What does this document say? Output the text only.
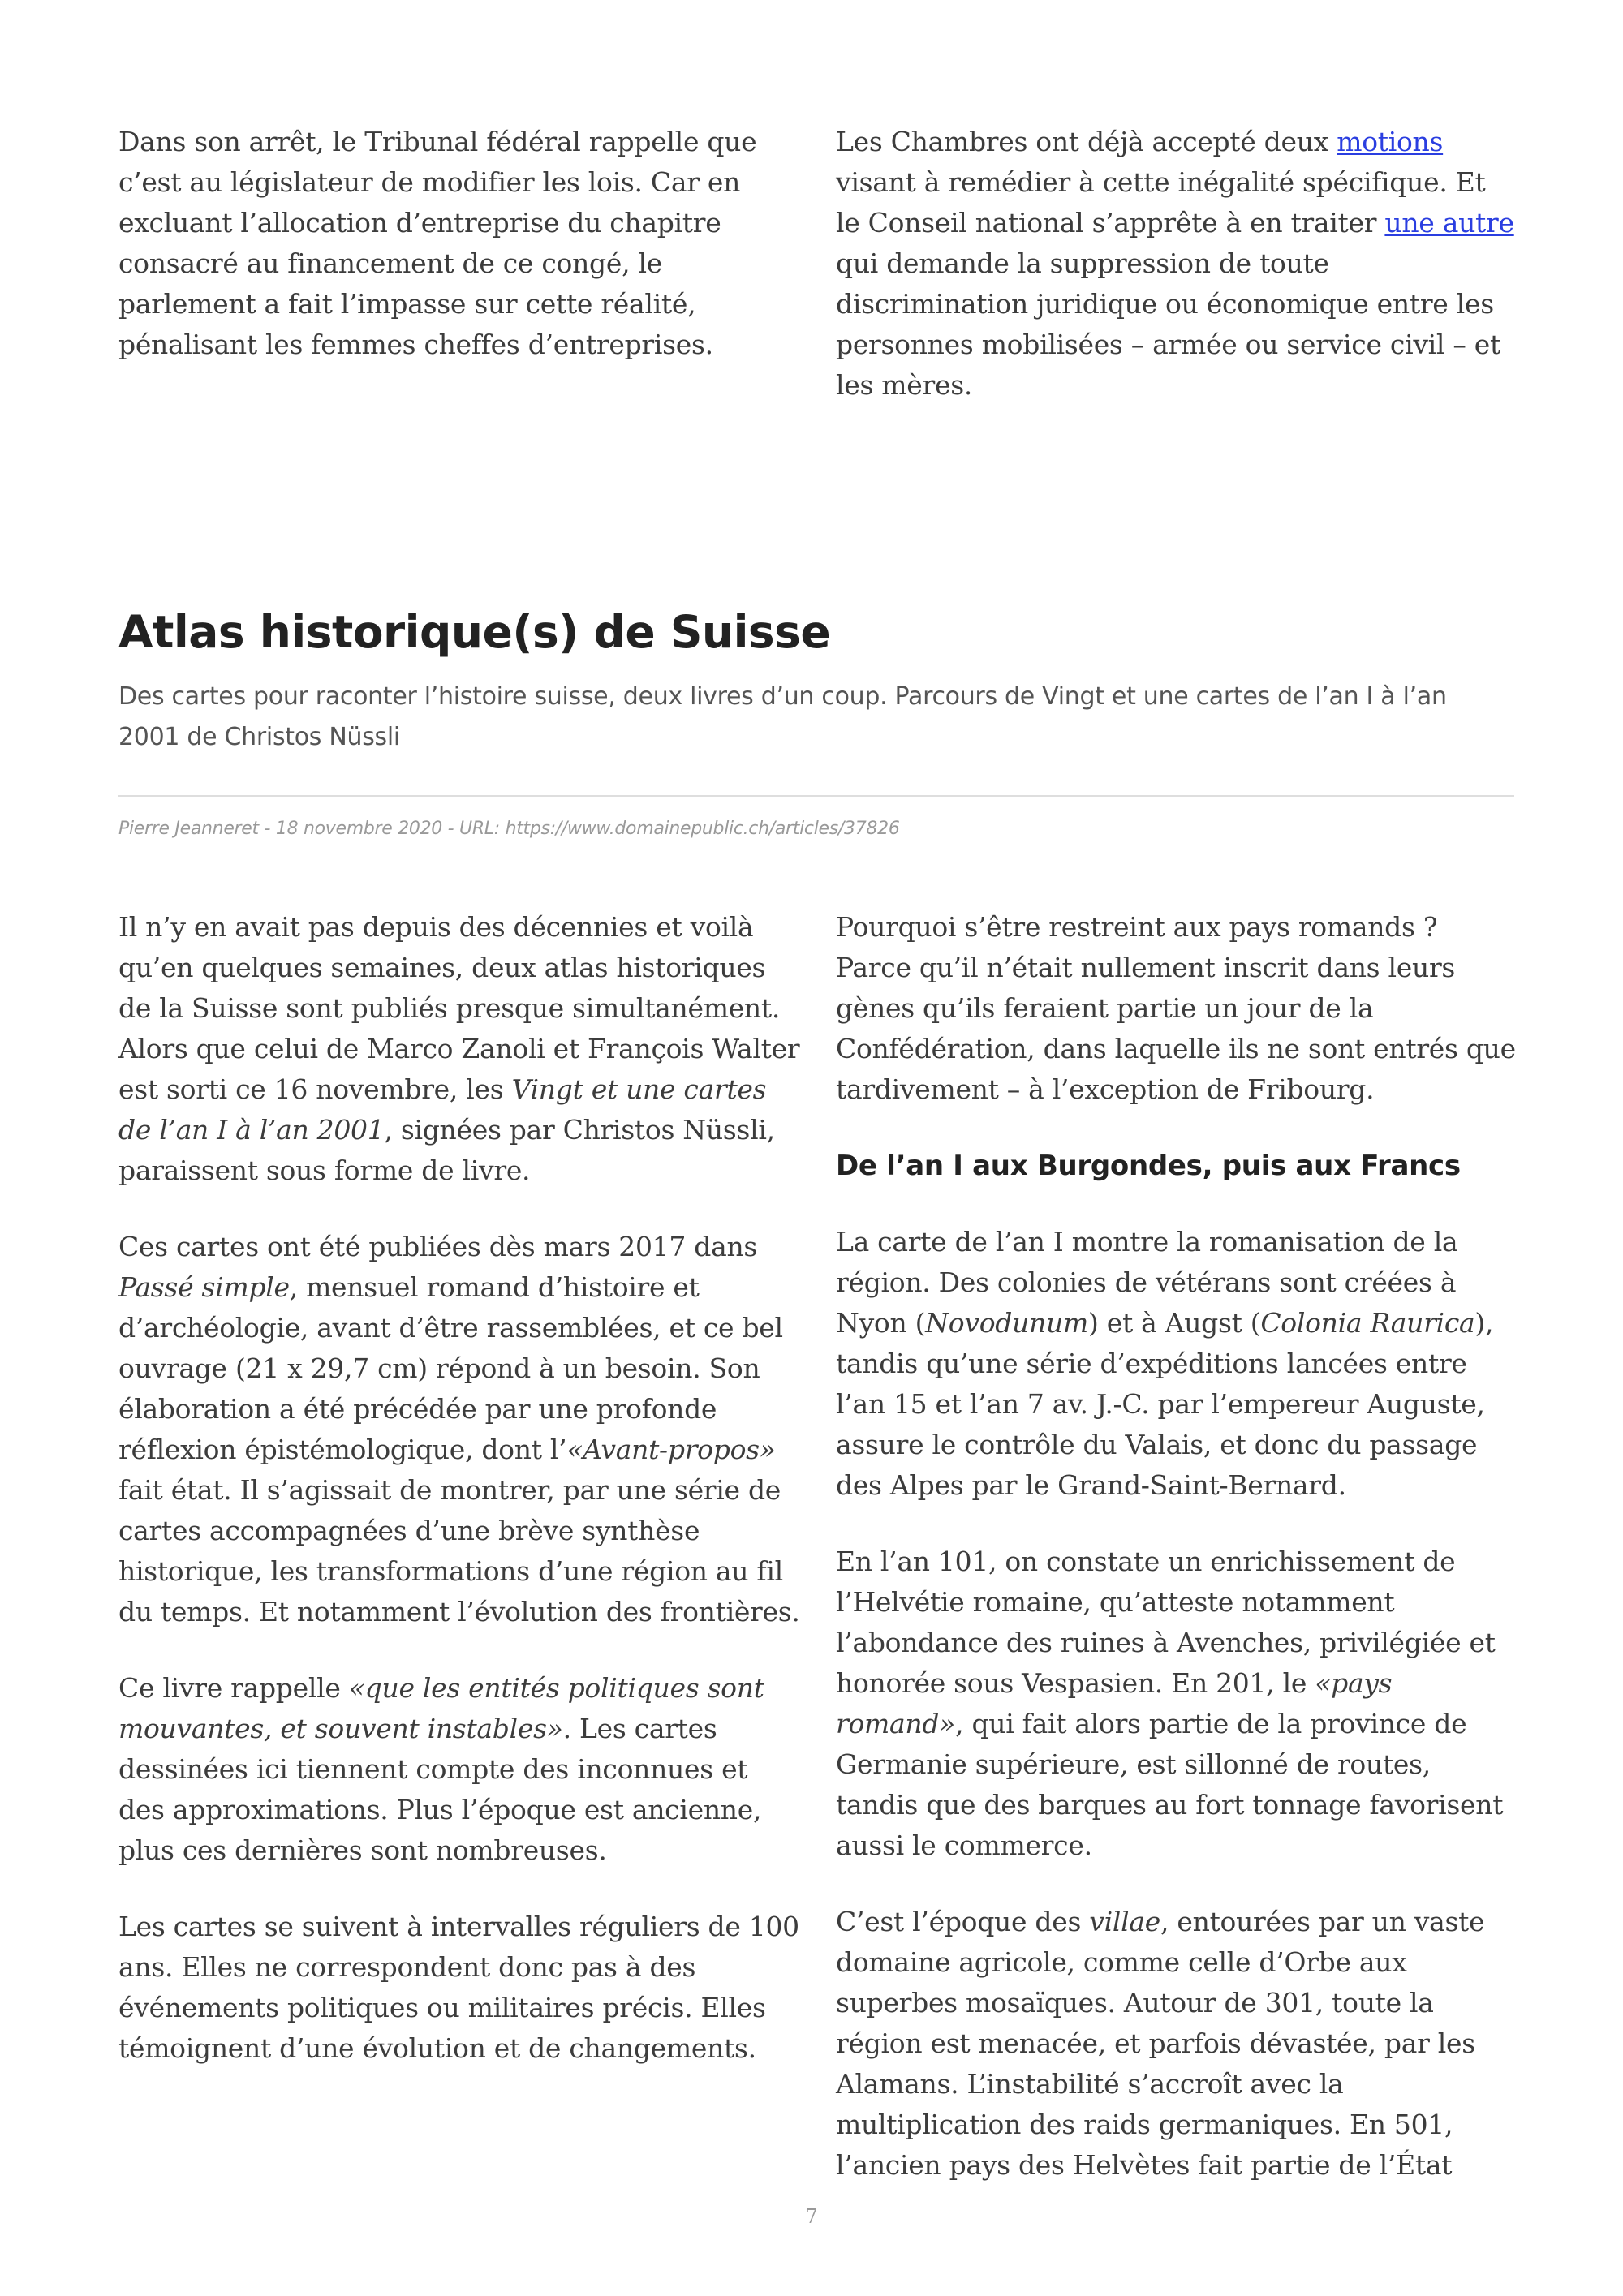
Dans son arrêt, le Tribunal fédéral rappelle que c’est au législateur de modifier les lois. Car en excluant l’allocation d’entreprise du chapitre consacré au financement de ce congé, le parlement a fait l’impasse sur cette réalité, pénalisant les femmes cheffes d’entreprises.

Les Chambres ont déjà accepté deux motions visant à remédier à cette inégalité spécifique. Et le Conseil national s’apprête à en traiter une autre qui demande la suppression de toute discrimination juridique ou économique entre les personnes mobilisées – armée ou service civil – et les mères.

Atlas historique(s) de Suisse

Des cartes pour raconter l’histoire suisse, deux livres d’un coup. Parcours de Vingt et une cartes de l’an I à l’an 2001 de Christos Nüssli

Pierre Jeanneret - 18 novembre 2020 - URL: https://www.domainepublic.ch/articles/37826

Il n’y en avait pas depuis des décennies et voilà qu’en quelques semaines, deux atlas historiques de la Suisse sont publiés presque simultanément. Alors que celui de Marco Zanoli et François Walter est sorti ce 16 novembre, les Vingt et une cartes de l’an I à l’an 2001, signées par Christos Nüssli, paraissent sous forme de livre.

Ces cartes ont été publiées dès mars 2017 dans Passé simple, mensuel romand d’histoire et d’archéologie, avant d’être rassemblées, et ce bel ouvrage (21 x 29,7 cm) répond à un besoin. Son élaboration a été précédée par une profonde réflexion épistémologique, dont l’«Avant-propos» fait état. Il s’agissait de montrer, par une série de cartes accompagnées d’une brève synthèse historique, les transformations d’une région au fil du temps. Et notamment l’évolution des frontières.

Ce livre rappelle «que les entités politiques sont mouvantes, et souvent instables». Les cartes dessinées ici tiennent compte des inconnues et des approximations. Plus l’époque est ancienne, plus ces dernières sont nombreuses.

Les cartes se suivent à intervalles réguliers de 100 ans. Elles ne correspondent donc pas à des événements politiques ou militaires précis. Elles témoignent d’une évolution et de changements.

Pourquoi s’être restreint aux pays romands ? Parce qu’il n’était nullement inscrit dans leurs gènes qu’ils feraient partie un jour de la Confédération, dans laquelle ils ne sont entrés que tardivement – à l’exception de Fribourg.

De l’an I aux Burgondes, puis aux Francs

La carte de l’an I montre la romanisation de la région. Des colonies de vétérans sont créées à Nyon (Novodunum) et à Augst (Colonia Raurica), tandis qu’une série d’expéditions lancées entre l’an 15 et l’an 7 av. J.-C. par l’empereur Auguste, assure le contrôle du Valais, et donc du passage des Alpes par le Grand-Saint-Bernard.

En l’an 101, on constate un enrichissement de l’Helvétie romaine, qu’atteste notamment l’abondance des ruines à Avenches, privilégiée et honorée sous Vespasien. En 201, le «pays romand», qui fait alors partie de la province de Germanie supérieure, est sillonné de routes, tandis que des barques au fort tonnage favorisent aussi le commerce.

C’est l’époque des villae, entourées par un vaste domaine agricole, comme celle d’Orbe aux superbes mosaïques. Autour de 301, toute la région est menacée, et parfois dévastée, par les Alamans. L’instabilité s’accroît avec la multiplication des raids germaniques. En 501, l’ancien pays des Helvètes fait partie de l’État

7
